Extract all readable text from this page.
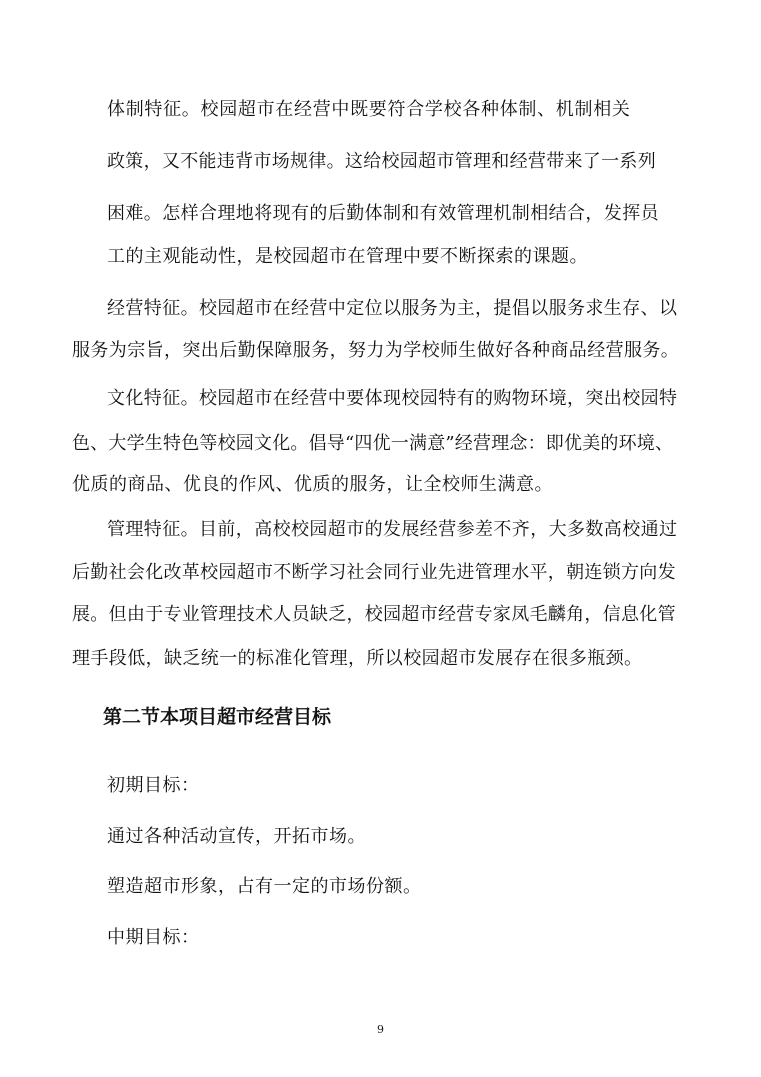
体制特征。校园超市在经营中既要符合学校各种体制、机制相关

政策，又不能违背市场规律。这给校园超市管理和经营带来了一系列

困难。怎样合理地将现有的后勤体制和有效管理机制相结合，发挥员

工的主观能动性，是校园超市在管理中要不断探索的课题。

经营特征。校园超市在经营中定位以服务为主，提倡以服务求生存、以

服务为宗旨，突出后勤保障服务，努力为学校师生做好各种商品经营服务。

文化特征。校园超市在经营中要体现校园特有的购物环境，突出校园特

色、大学生特色等校园文化。倡导“四优一满意”经营理念：即优美的环境、

优质的商品、优良的作风、优质的服务，让全校师生满意。

管理特征。目前，高校校园超市的发展经营参差不齐，大多数高校通过

后勤社会化改革校园超市不断学习社会同行业先进管理水平，朝连锁方向发

展。但由于专业管理技术人员缺乏，校园超市经营专家凤毛麟角，信息化管

理手段低，缺乏统一的标准化管理，所以校园超市发展存在很多瓶颈。

第二节本项目超市经营目标

初期目标：

通过各种活动宣传，开拓市场。

塑造超市形象，占有一定的市场份额。

中期目标：

9
